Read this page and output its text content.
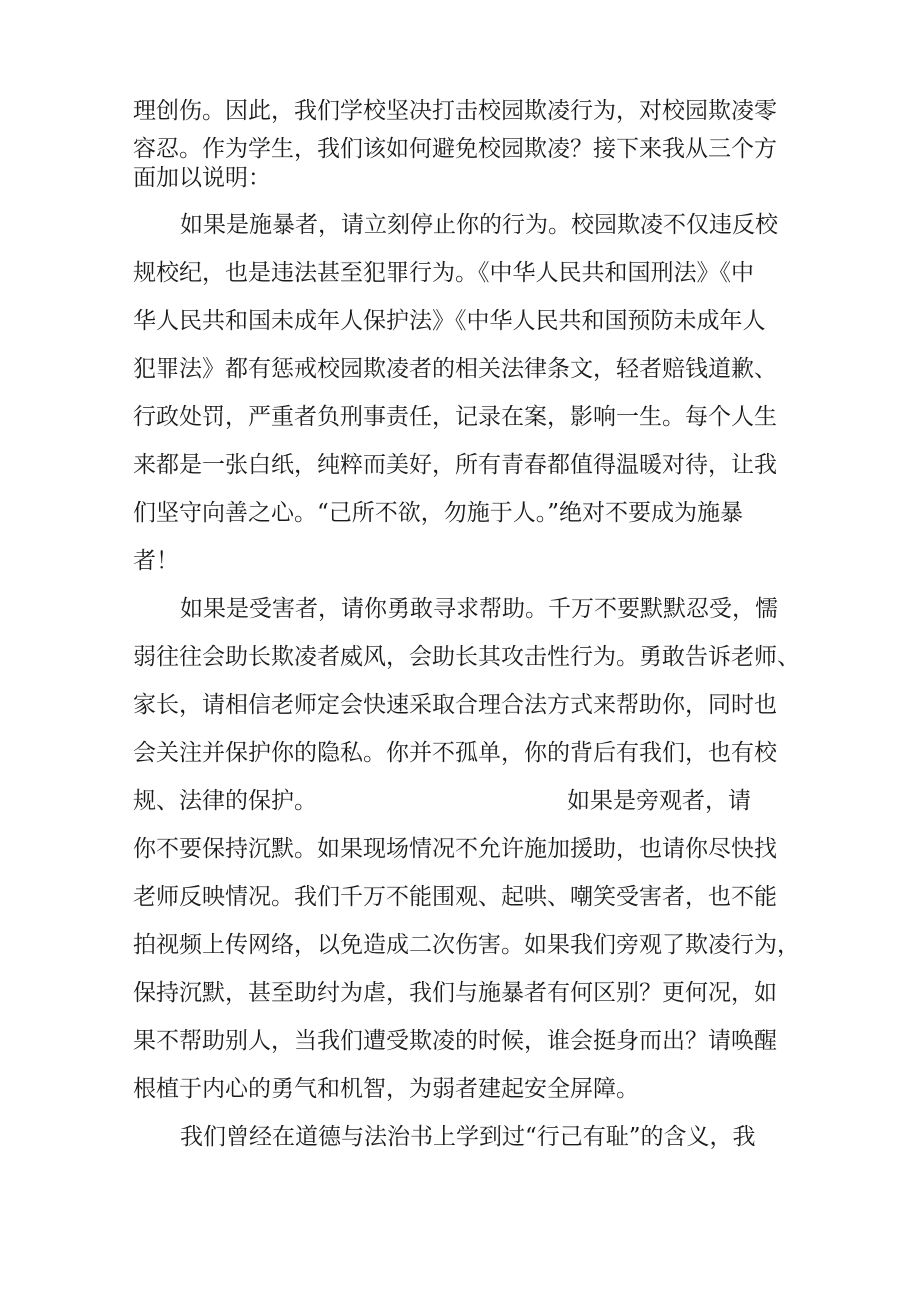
理创伤。因此，我们学校坚决打击校园欺凌行为，对校园欺凌零
容忍。作为学生，我们该如何避免校园欺凌？接下来我从三个方
面加以说明：
如果是施暴者，请立刻停止你的行为。校园欺凌不仅违反校
规校纪，也是违法甚至犯罪行为。《中华人民共和国刑法》《中
华人民共和国未成年人保护法》《中华人民共和国预防未成年人
犯罪法》都有惩戒校园欺凌者的相关法律条文，轻者赔钱道歉、
行政处罚，严重者负刑事责任，记录在案，影响一生。每个人生
来都是一张白纸，纯粹而美好，所有青春都值得温暖对待，让我
们坚守向善之心。“己所不欲，勿施于人。”绝对不要成为施暴
者！
如果是受害者，请你勇敢寻求帮助。千万不要默默忍受，懦
弱往往会助长欺凌者威风，会助长其攻击性行为。勇敢告诉老师、
家长，请相信老师定会快速采取合理合法方式来帮助你，同时也
会关注并保护你的隐私。你并不孤单，你的背后有我们，也有校
规、法律的保护。	如果是旁观者，请
你不要保持沉默。如果现场情况不允许施加援助，也请你尽快找
老师反映情况。我们千万不能围观、起哄、嘲笑受害者，也不能
拍视频上传网络，以免造成二次伤害。如果我们旁观了欺凌行为，
保持沉默，甚至助纣为虐，我们与施暴者有何区别？更何况，如
果不帮助别人，当我们遭受欺凌的时候，谁会挺身而出？请唤醒
根植于内心的勇气和机智，为弱者建起安全屏障。
我们曾经在道德与法治书上学到过“行己有耻”的含义，我
